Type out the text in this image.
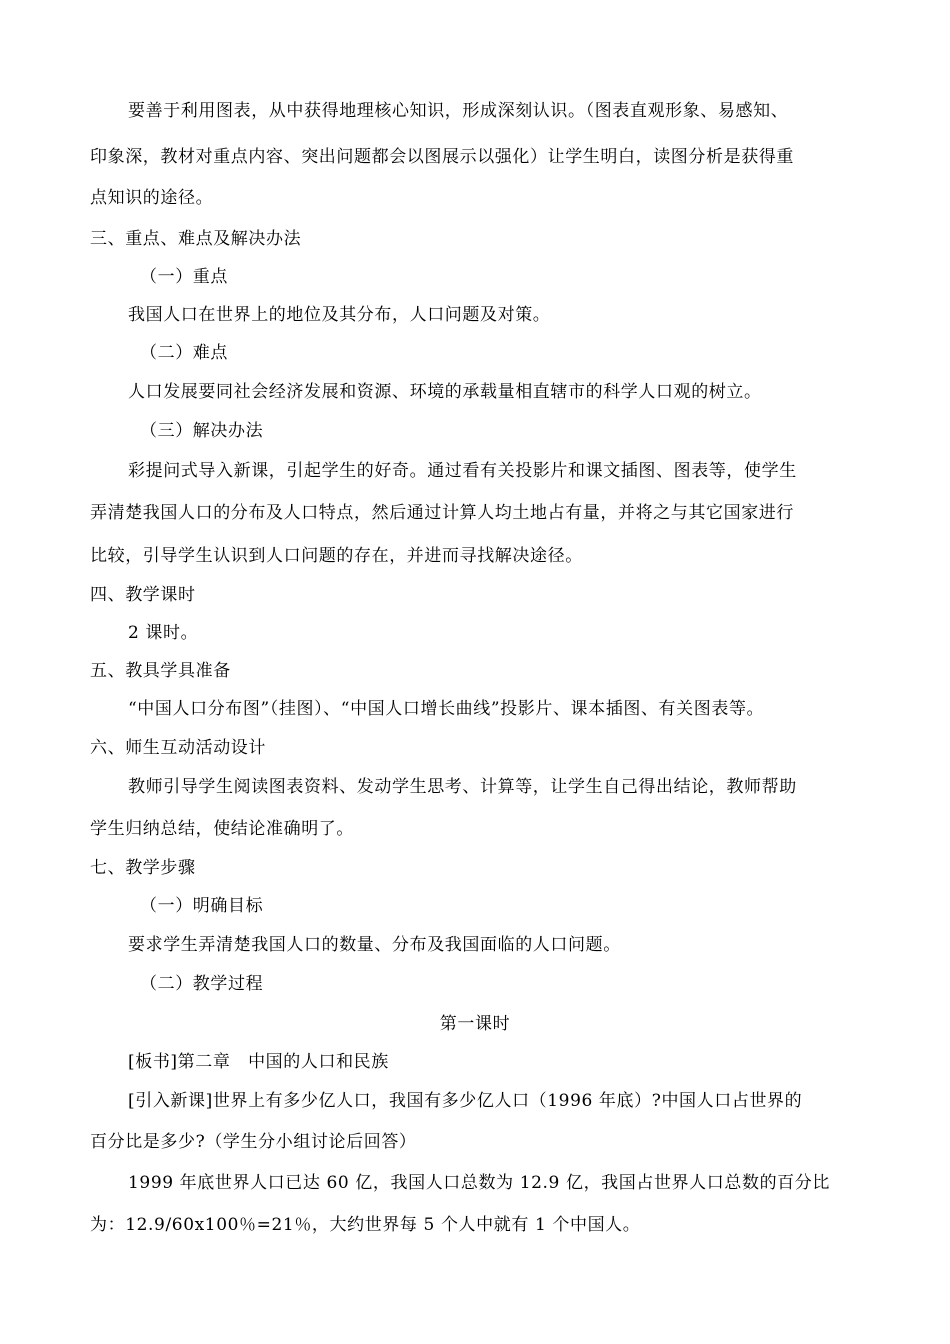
要善于利用图表，从中获得地理核心知识，形成深刻认识。（图表直观形象、易感知、
印象深，教材对重点内容、突出问题都会以图展示以强化）让学生明白，读图分析是获得重
点知识的途径。
三、重点、难点及解决办法
（一）重点
我国人口在世界上的地位及其分布，人口问题及对策。
（二）难点
人口发展要同社会经济发展和资源、环境的承载量相直辖市的科学人口观的树立。
（三）解决办法
彩提问式导入新课，引起学生的好奇。通过看有关投影片和课文插图、图表等，使学生
弄清楚我国人口的分布及人口特点，然后通过计算人均土地占有量，并将之与其它国家进行
比较，引导学生认识到人口问题的存在，并进而寻找解决途径。
四、教学课时
2 课时。
五、教具学具准备
“中国人口分布图”（挂图）、“中国人口增长曲线”投影片、课本插图、有关图表等。
六、师生互动活动设计
教师引导学生阅读图表资料、发动学生思考、计算等，让学生自己得出结论，教师帮助
学生归纳总结，使结论准确明了。
七、教学步骤
（一）明确目标
要求学生弄清楚我国人口的数量、分布及我国面临的人口问题。
（二）教学过程
第一课时
[板书]第二章　中国的人口和民族
[引入新课]世界上有多少亿人口，我国有多少亿人口（1996 年底）?中国人口占世界的
百分比是多少?（学生分小组讨论后回答）
1999 年底世界人口已达 60 亿，我国人口总数为 12.9 亿，我国占世界人口总数的百分比
为：12.9/60x100％=21％，大约世界每 5 个人中就有 1 个中国人。
